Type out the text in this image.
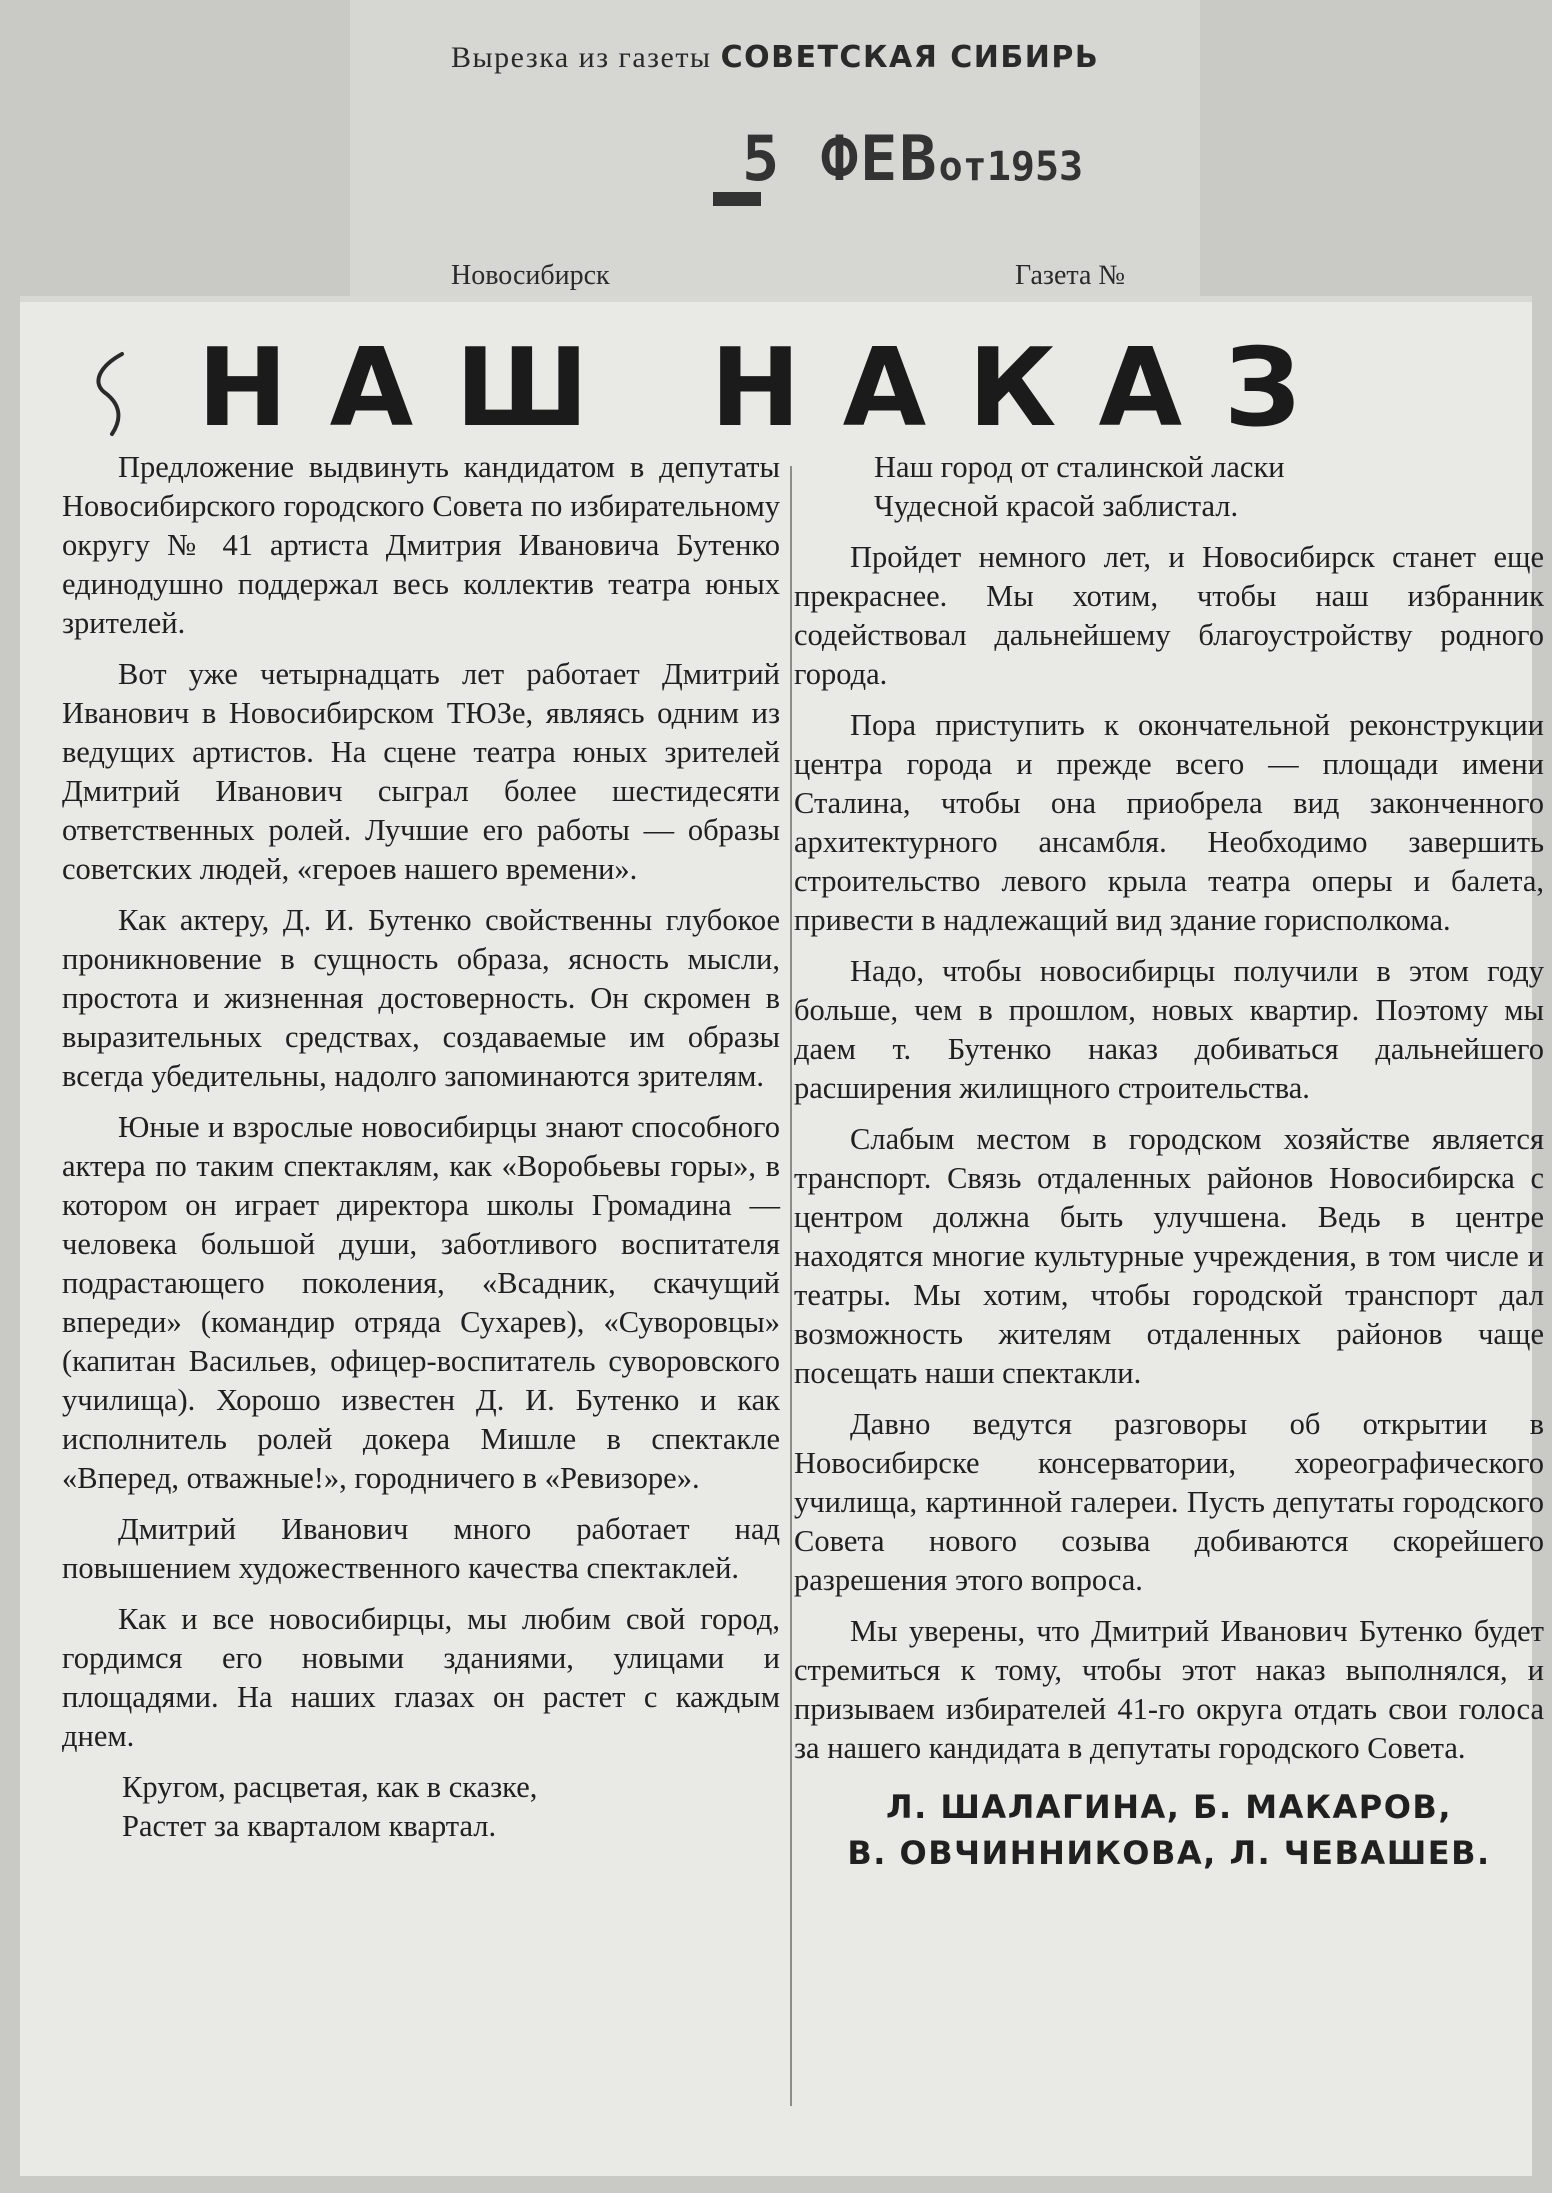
Вырезка из газеты СОВЕТСКАЯ СИБИРЬ
5 ФЕВот1953
Новосибирск	Газета №
НАШ НАКАЗ

Предложение выдвинуть кандидатом в депутаты Новосибирского городского Совета по избирательному округу № 41 артиста Дмитрия Ивановича Бутенко единодушно поддержал весь коллектив театра юных зрителей.

Вот уже четырнадцать лет работает Дмитрий Иванович в Новосибирском ТЮЗе, являясь одним из ведущих артистов. На сцене театра юных зрителей Дмитрий Иванович сыграл более шестидесяти ответственных ролей. Лучшие его работы — образы советских людей, «героев нашего времени».

Как актеру, Д. И. Бутенко свойственны глубокое проникновение в сущность образа, ясность мысли, простота и жизненная достоверность. Он скромен в выразительных средствах, создаваемые им образы всегда убедительны, надолго запоминаются зрителям.

Юные и взрослые новосибирцы знают способного актера по таким спектаклям, как «Воробьевы горы», в котором он играет директора школы Громадина — человека большой души, заботливого воспитателя подрастающего поколения, «Всадник, скачущий впереди» (командир отряда Сухарев), «Суворовцы» (капитан Васильев, офицер-воспитатель суворовского училища). Хорошо известен Д. И. Бутенко и как исполнитель ролей докера Мишле в спектакле «Вперед, отважные!», городничего в «Ревизоре».

Дмитрий Иванович много работает над повышением художественного качества спектаклей.

Как и все новосибирцы, мы любим свой город, гордимся его новыми зданиями, улицами и площадями. На наших глазах он растет с каждым днем.

Кругом, расцветая, как в сказке,

Растет за кварталом квартал.

Наш город от сталинской ласки
Чудесной красой заблистал.

Пройдет немного лет, и Новосибирск станет еще прекраснее. Мы хотим, чтобы наш избранник содействовал дальнейшему благоустройству родного города.

Пора приступить к окончательной реконструкции центра города и прежде всего — площади имени Сталина, чтобы она приобрела вид законченного архитектурного ансамбля. Необходимо завершить строительство левого крыла театра оперы и балета, привести в надлежащий вид здание горисполкома.

Надо, чтобы новосибирцы получили в этом году больше, чем в прошлом, новых квартир. Поэтому мы даем т. Бутенко наказ добиваться дальнейшего расширения жилищного строительства.

Слабым местом в городском хозяйстве является транспорт. Связь отдаленных районов Новосибирска с центром должна быть улучшена. Ведь в центре находятся многие культурные учреждения, в том числе и театры. Мы хотим, чтобы городской транспорт дал возможность жителям отдаленных районов чаще посещать наши спектакли.

Давно ведутся разговоры об открытии в Новосибирске консерватории, хореографического училища, картинной галереи. Пусть депутаты городского Совета нового созыва добиваются скорейшего разрешения этого вопроса.

Мы уверены, что Дмитрий Иванович Бутенко будет стремиться к тому, чтобы этот наказ выполнялся, и призываем избирателей 41-го округа отдать свои голоса за нашего кандидата в депутаты городского Совета.

Л. ШАЛАГИНА, Б. МАКАРОВ,
В. ОВЧИННИКОВА, Л. ЧЕВАШЕВ.
